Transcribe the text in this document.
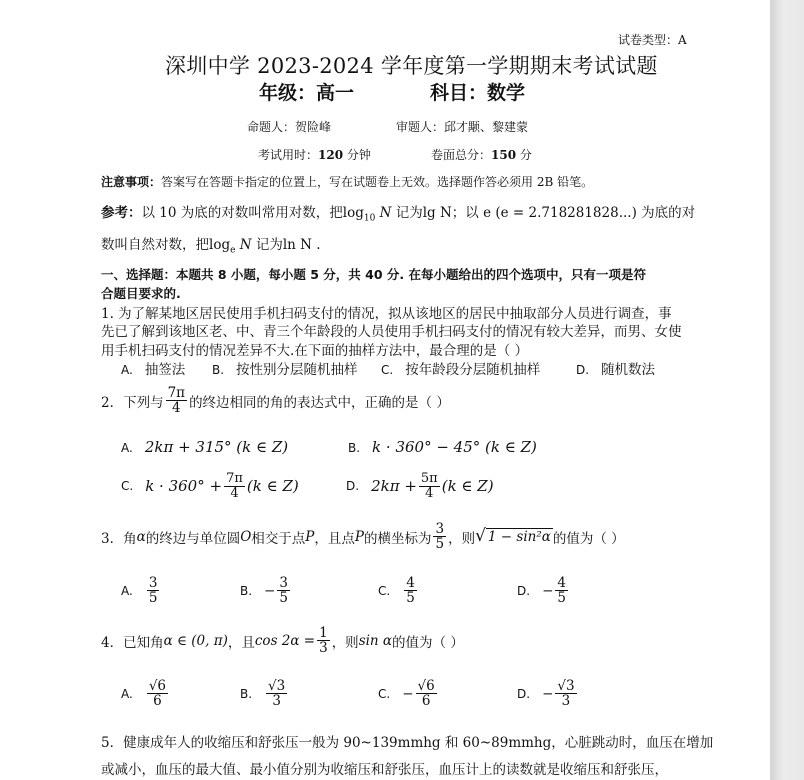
试卷类型：A
深圳中学 2023-2024 学年度第一学期期末考试试题
年级：高一	科目：数学
命题人：贺险峰	审题人：邱才颙、黎建蒙
考试用时：120 分钟	卷面总分：150 分
注意事项：答案写在答题卡指定的位置上，写在试题卷上无效。选择题作答必须用 2B 铅笔。
参考：以 10 为底的对数叫常用对数，把$\log_{10} N$ 记为lg N；以 e (e = 2.718281828...) 为底的对
数叫自然对数，把$\log_e N$ 记为ln N .
一、选择题：本题共 8 小题，每小题 5 分，共 40 分. 在每小题给出的四个选项中，只有一项是符
合题目要求的.
1. 为了解某地区居民使用手机扫码支付的情况，拟从该地区的居民中抽取部分人员进行调查，事
先已了解到该地区老、中、青三个年龄段的人员使用手机扫码支付的情况有较大差异，而男、女使
用手机扫码支付的情况差异不大.在下面的抽样方法中，最合理的是（ ）
A. 抽签法 B. 按性别分层随机抽样 C. 按年龄段分层随机抽样	D. 随机数法
2．下列与 $\frac{7\pi}{4}$ 的终边相同的角的表达式中，正确的是（ ）
A. 2kπ + 315° (k ∈ Z)	B. k · 360° − 45° (k ∈ Z)
C. $k \cdot 360^\circ + \frac{7\pi}{4} (k$ ∈ Z)	D. $2k\pi + \frac{5\pi}{4} (k$ ∈ Z)
3．角 α 的终边与单位圆 O 相交于点 P ，且点 P 的横坐标为 $\frac{3}{5}$ ，则 √ 1 − sin²α 的值为（ ）
A. $\frac{3}{5}$	B. − $\frac{3}{5}$	C. $\frac{4}{5}$	D. − $\frac{4}{5}$
4．已知角 α ∈ (0, π) ，且 $\cos 2\alpha = \frac{1}{3}$ ，则 sin α 的值为（ ）
A. $\frac{√6}{6}$	B. $\frac{√3}{3}$	C. − $\frac{√6}{6}$	D. − $\frac{√3}{3}$
5．健康成年人的收缩压和舒张压一般为 90~139mmhg 和 60~89mmhg，心脏跳动时，血压在增加
或减小，血压的最大值、最小值分别为收缩压和舒张压，血压计上的读数就是收缩压和舒张压，
